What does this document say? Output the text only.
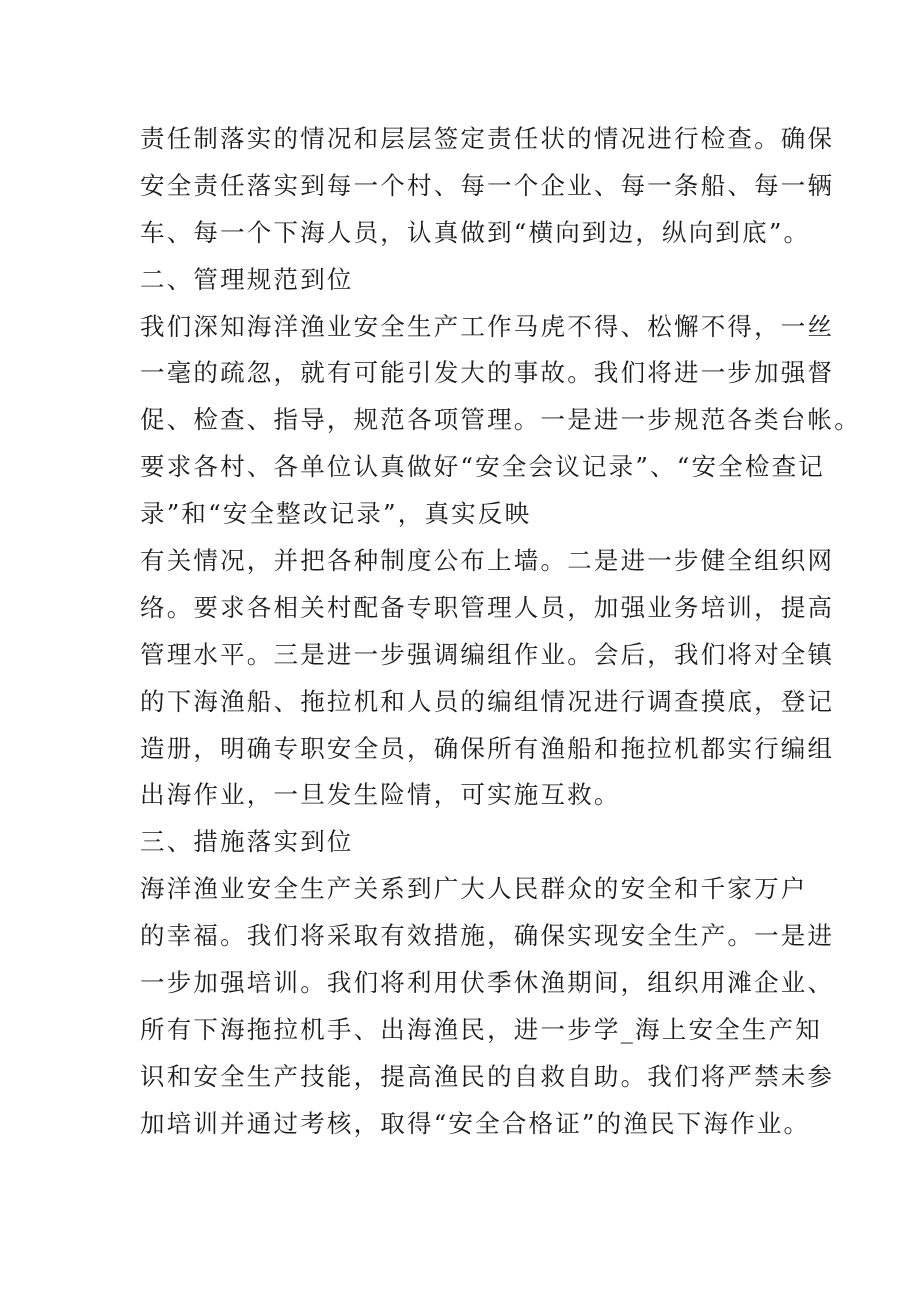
责任制落实的情况和层层签定责任状的情况进行检查。确保
安全责任落实到每一个村、每一个企业、每一条船、每一辆
车、每一个下海人员，认真做到“横向到边，纵向到底”。
二、管理规范到位
我们深知海洋渔业安全生产工作马虎不得、松懈不得，一丝
一毫的疏忽，就有可能引发大的事故。我们将进一步加强督
促、检查、指导，规范各项管理。一是进一步规范各类台帐。
要求各村、各单位认真做好“安全会议记录”、“安全检查记
录”和“安全整改记录”，真实反映
有关情况，并把各种制度公布上墙。二是进一步健全组织网
络。要求各相关村配备专职管理人员，加强业务培训，提高
管理水平。三是进一步强调编组作业。会后，我们将对全镇
的下海渔船、拖拉机和人员的编组情况进行调查摸底，登记
造册，明确专职安全员，确保所有渔船和拖拉机都实行编组
出海作业，一旦发生险情，可实施互救。
三、措施落实到位
海洋渔业安全生产关系到广大人民群众的安全和千家万户
的幸福。我们将采取有效措施，确保实现安全生产。一是进
一步加强培训。我们将利用伏季休渔期间，组织用滩企业、
所有下海拖拉机手、出海渔民，进一步学_海上安全生产知
识和安全生产技能，提高渔民的自救自助。我们将严禁未参
加培训并通过考核，取得“安全合格证”的渔民下海作业。
